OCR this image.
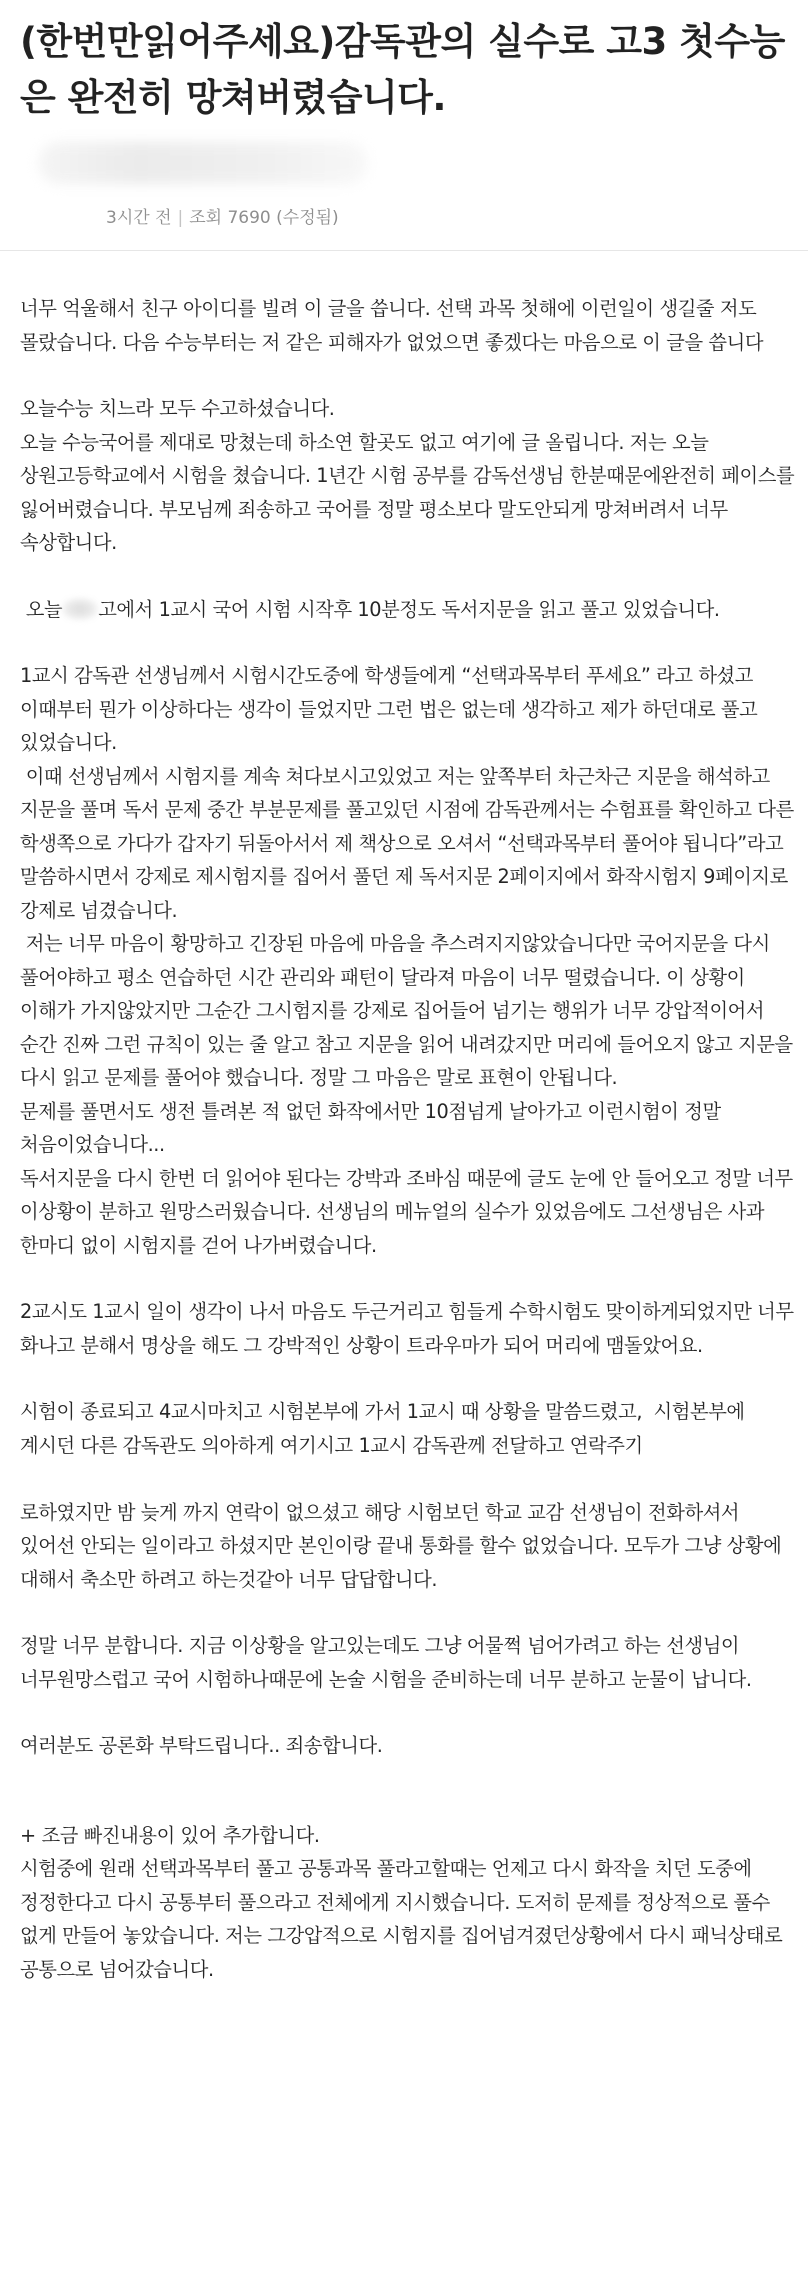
(한번만읽어주세요)감독관의 실수로 고3 첫수능은 완전히 망쳐버렸습니다.
3시간 전 | 조회 7690 (수정됨)

너무 억울해서 친구 아이디를 빌려 이 글을 씁니다. 선택 과목 첫해에 이런일이 생길줄 저도 몰랐습니다. 다음 수능부터는 저 같은 피해자가 없었으면 좋겠다는 마음으로 이 글을 씁니다

오늘수능 치느라 모두 수고하셨습니다.
오늘 수능국어를 제대로 망쳤는데 하소연 할곳도 없고 여기에 글 올립니다. 저는 오늘 상원고등학교에서 시험을 쳤습니다. 1년간 시험 공부를 감독선생님 한분때문에완전히 페이스를 잃어버렸습니다. 부모님께 죄송하고 국어를 정말 평소보다 말도안되게 망쳐버려서 너무 속상합니다.

오늘 고에서 1교시 국어 시험 시작후 10분정도 독서지문을 읽고 풀고 있었습니다.

1교시 감독관 선생님께서 시험시간도중에 학생들에게 “선택과목부터 푸세요” 라고 하셨고 이때부터 뭔가 이상하다는 생각이 들었지만 그런 법은 없는데 생각하고 제가 하던대로 풀고 있었습니다.
이때 선생님께서 시험지를 계속 쳐다보시고있었고 저는 앞쪽부터 차근차근 지문을 해석하고 지문을 풀며 독서 문제 중간 부분문제를 풀고있던 시점에 감독관께서는 수험표를 확인하고 다른 학생쪽으로 가다가 갑자기 뒤돌아서서 제 책상으로 오셔서 “선택과목부터 풀어야 됩니다”라고 말씀하시면서 강제로 제시험지를 집어서 풀던 제 독서지문 2페이지에서 화작시험지 9페이지로 강제로 넘겼습니다.
저는 너무 마음이 황망하고 긴장된 마음에 마음을 추스려지지않았습니다만 국어지문을 다시 풀어야하고 평소 연습하던 시간 관리와 패턴이 달라져 마음이 너무 떨렸습니다. 이 상황이 이해가 가지않았지만 그순간 그시험지를 강제로 집어들어 넘기는 행위가 너무 강압적이어서 순간 진짜 그런 규칙이 있는 줄 알고 참고 지문을 읽어 내려갔지만 머리에 들어오지 않고 지문을 다시 읽고 문제를 풀어야 했습니다. 정말 그 마음은 말로 표현이 안됩니다.
문제를 풀면서도 생전 틀려본 적 없던 화작에서만 10점넘게 날아가고 이런시험이 정말 처음이었습니다...
독서지문을 다시 한번 더 읽어야 된다는 강박과 조바심 때문에 글도 눈에 안 들어오고 정말 너무 이상황이 분하고 원망스러웠습니다. 선생님의 메뉴얼의 실수가 있었음에도 그선생님은 사과 한마디 없이 시험지를 걷어 나가버렸습니다.

2교시도 1교시 일이 생각이 나서 마음도 두근거리고 힘들게 수학시험도 맞이하게되었지만 너무 화나고 분해서 명상을 해도 그 강박적인 상황이 트라우마가 되어 머리에 맴돌았어요.

시험이 종료되고 4교시마치고 시험본부에 가서 1교시 때 상황을 말씀드렸고,  시험본부에 계시던 다른 감독관도 의아하게 여기시고 1교시 감독관께 전달하고 연락주기

로하였지만 밤 늦게 까지 연락이 없으셨고 해당 시험보던 학교 교감 선생님이 전화하셔서 있어선 안되는 일이라고 하셨지만 본인이랑 끝내 통화를 할수 없었습니다. 모두가 그냥 상황에 대해서 축소만 하려고 하는것같아 너무 답답합니다.

정말 너무 분합니다. 지금 이상황을 알고있는데도 그냥 어물쩍 넘어가려고 하는 선생님이 너무원망스럽고 국어 시험하나때문에 논술 시험을 준비하는데 너무 분하고 눈물이 납니다.

여러분도 공론화 부탁드립니다.. 죄송합니다.

+ 조금 빠진내용이 있어 추가합니다.
시험중에 원래 선택과목부터 풀고 공통과목 풀라고할때는 언제고 다시 화작을 치던 도중에  정정한다고 다시 공통부터 풀으라고 전체에게 지시했습니다. 도저히 문제를 정상적으로 풀수 없게 만들어 놓았습니다. 저는 그강압적으로 시험지를 집어넘겨졌던상황에서 다시 패닉상태로 공통으로 넘어갔습니다.
